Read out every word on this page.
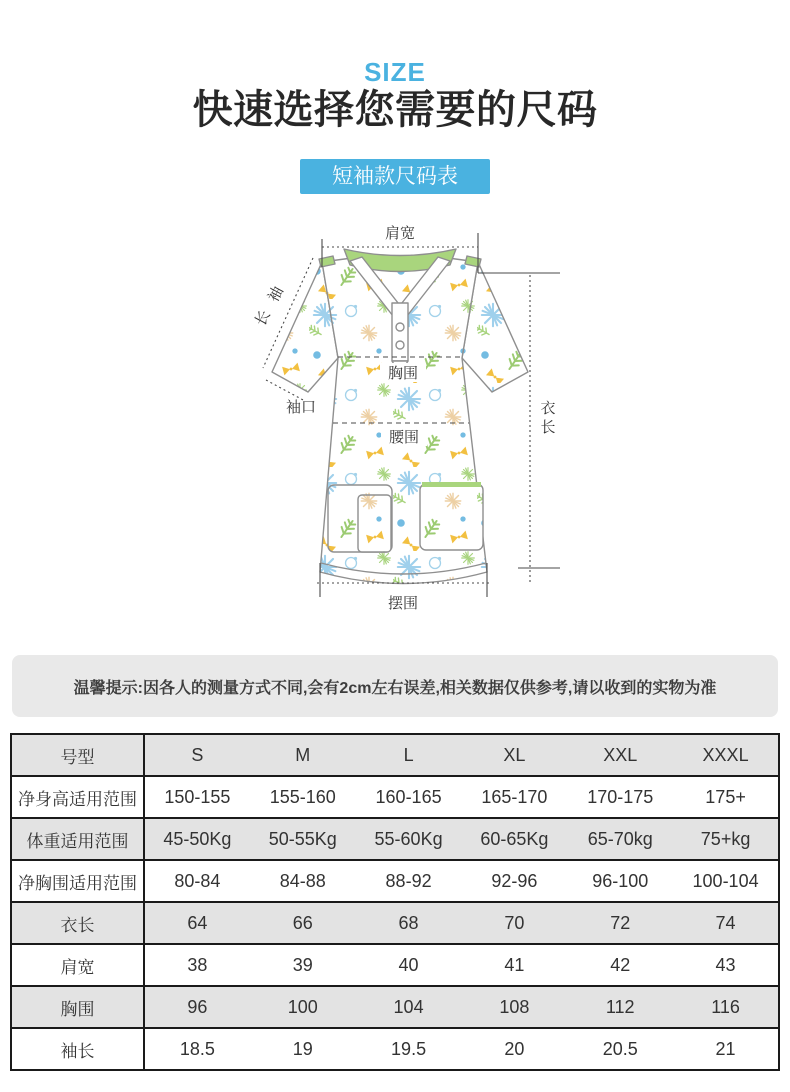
SIZE
快速选择您需要的尺码
短袖款尺码表
肩宽
袖长
袖口
胸围
腰围
衣长
摆围
温馨提示:因各人的测量方式不同,会有2cm左右误差,相关数据仅供参考,请以收到的实物为准
号型	S	M	L	XL	XXL	XXXL
净身高适用范围	150-155	155-160	160-165	165-170	170-175	175+
体重适用范围	45-50Kg	50-55Kg	55-60Kg	60-65Kg	65-70kg	75+kg
净胸围适用范围	80-84	84-88	88-92	92-96	96-100	100-104
衣长	64	66	68	70	72	74
肩宽	38	39	40	41	42	43
胸围	96	100	104	108	112	116
袖长	18.5	19	19.5	20	20.5	21
